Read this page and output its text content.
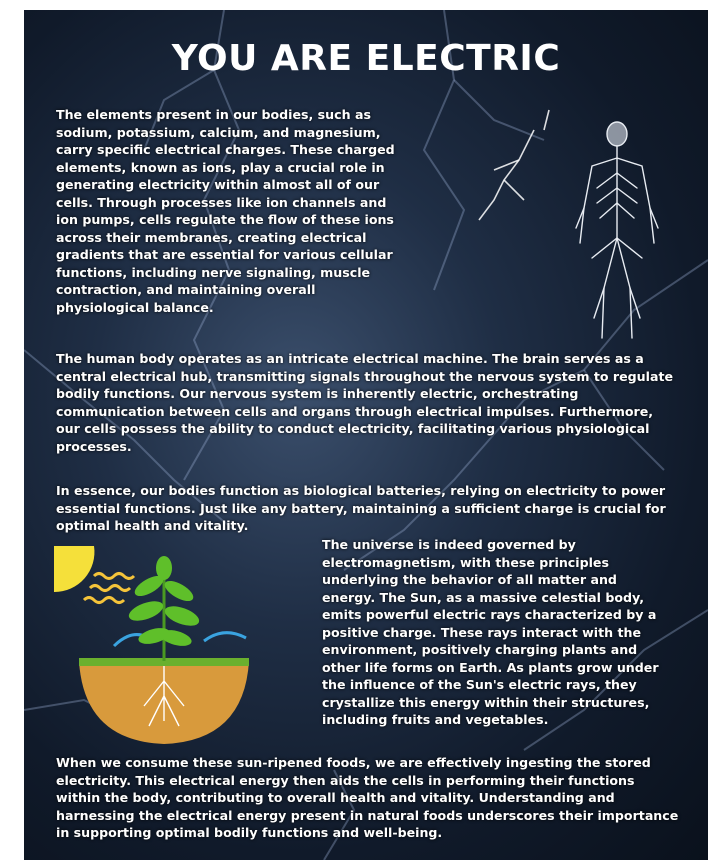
YOU ARE ELECTRIC
The elements present in our bodies, such as sodium, potassium, calcium, and magnesium, carry specific electrical charges. These charged elements, known as ions, play a crucial role in generating electricity within almost all of our cells. Through processes like ion channels and ion pumps, cells regulate the flow of these ions across their membranes, creating electrical gradients that are essential for various cellular functions, including nerve signaling, muscle contraction, and maintaining overall physiological balance.
The human body operates as an intricate electrical machine. The brain serves as a central electrical hub, transmitting signals throughout the nervous system to regulate bodily functions. Our nervous system is inherently electric, orchestrating communication between cells and organs through electrical impulses. Furthermore, our cells possess the ability to conduct electricity, facilitating various physiological processes.
In essence, our bodies function as biological batteries, relying on electricity to power essential functions. Just like any battery, maintaining a sufficient charge is crucial for optimal health and vitality.
The universe is indeed governed by electromagnetism, with these principles underlying the behavior of all matter and energy. The Sun, as a massive celestial body, emits powerful electric rays characterized by a positive charge. These rays interact with the environment, positively charging plants and other life forms on Earth. As plants grow under the influence of the Sun's electric rays, they crystallize this energy within their structures, including fruits and vegetables.
When we consume these sun-ripened foods, we are effectively ingesting the stored electricity. This electrical energy then aids the cells in performing their functions within the body, contributing to overall health and vitality. Understanding and harnessing the electrical energy present in natural foods underscores their importance in supporting optimal bodily functions and well-being.
